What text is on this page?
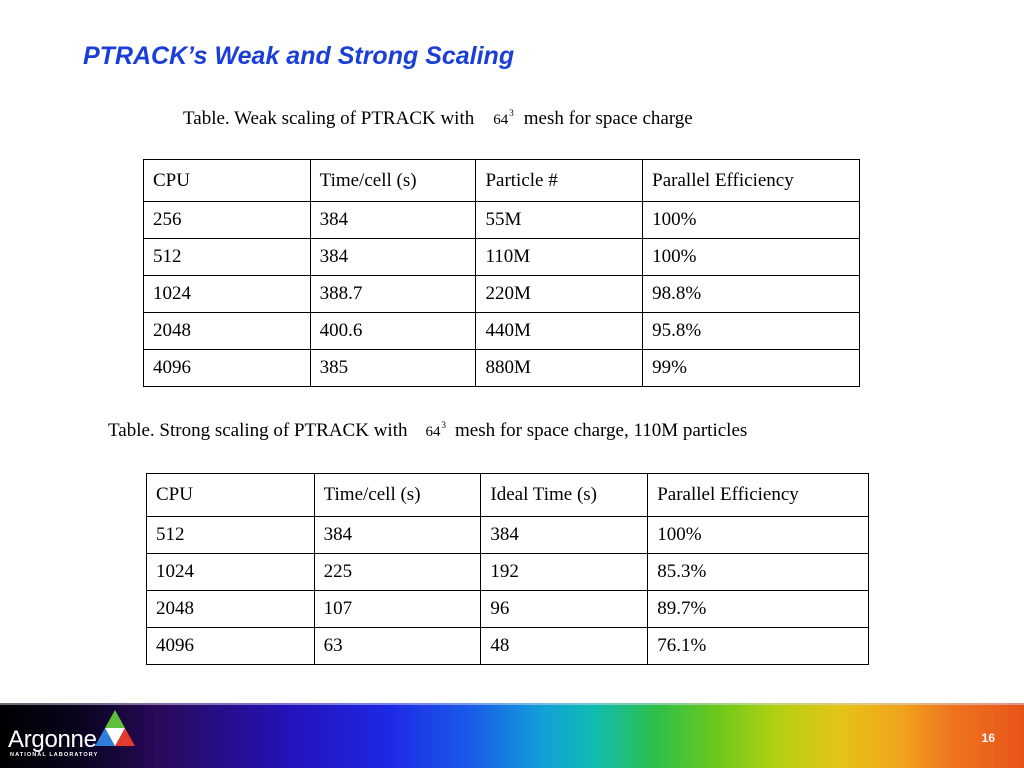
PTRACK’s Weak and Strong Scaling
Table. Weak scaling of PTRACK with $64^3$ mesh for space charge
CPU	Time/cell (s)	Particle #	Parallel Efficiency
256	384	55M	100%
512	384	110M	100%
1024	388.7	220M	98.8%
2048	400.6	440M	95.8%
4096	385	880M	99%
Table. Strong scaling of PTRACK with $64^3$ mesh for space charge, 110M particles
CPU	Time/cell (s)	Ideal Time (s)	Parallel Efficiency
512	384	384	100%
1024	225	192	85.3%
2048	107	96	89.7%
4096	63	48	76.1%
Argonne
NATIONAL LABORATORY
16
